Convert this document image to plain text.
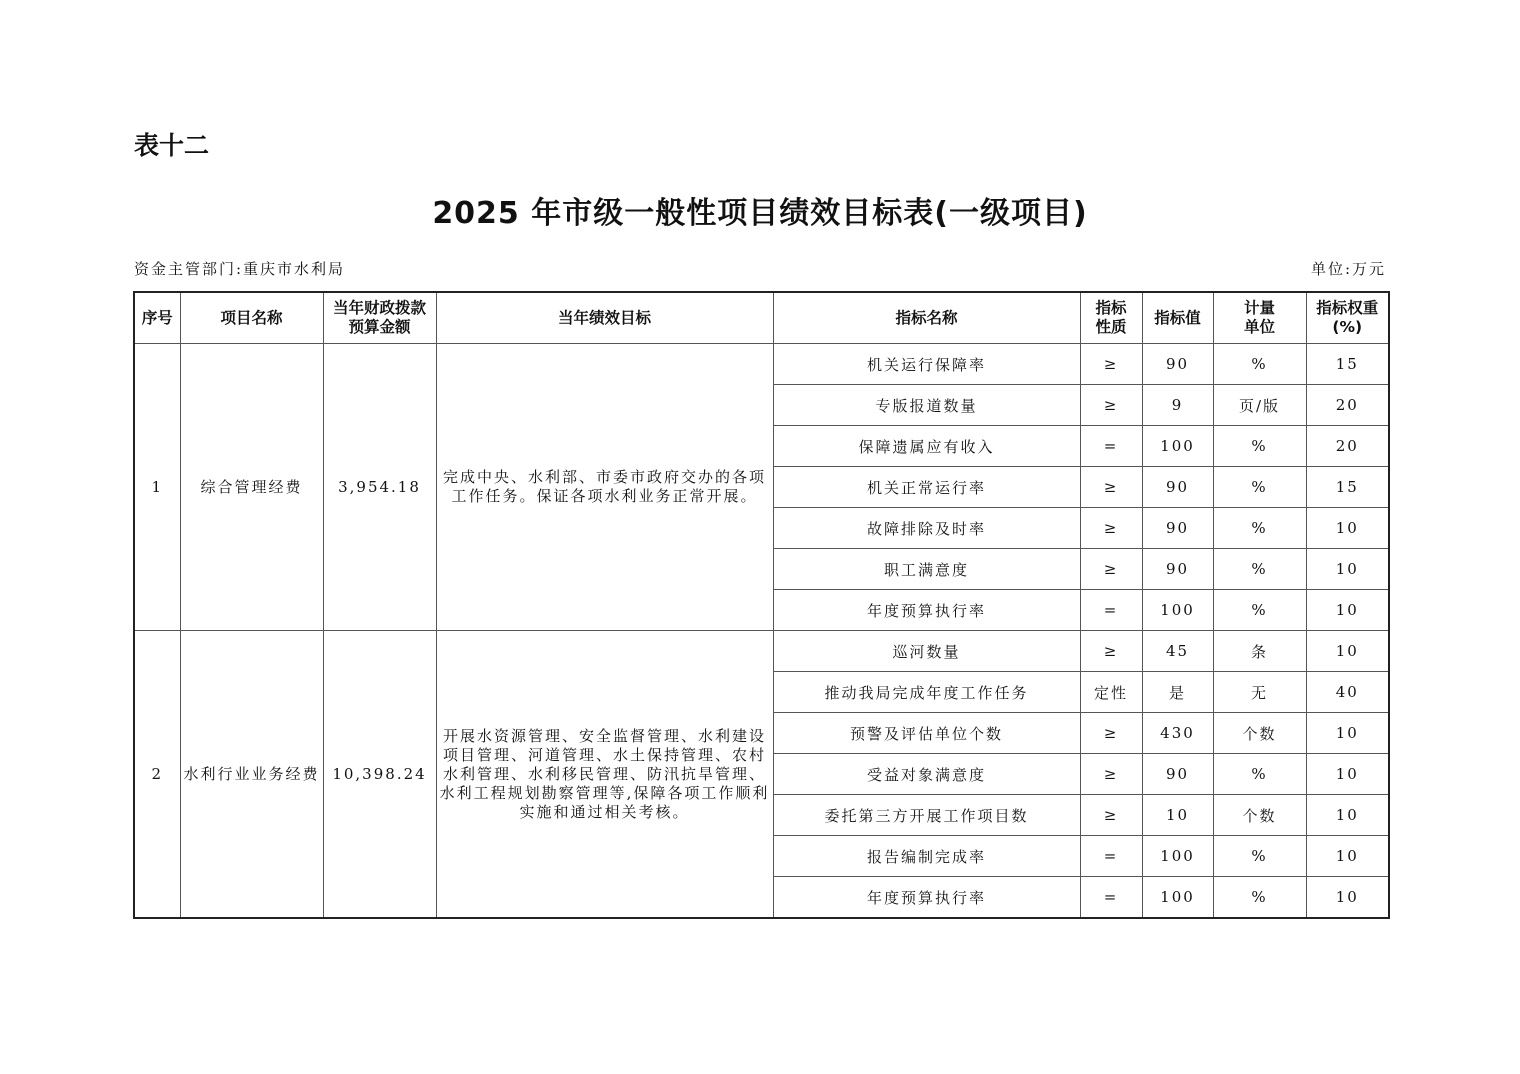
表十二
2025 年市级一般性项目绩效目标表(一级项目)
资金主管部门:重庆市水利局	单位:万元
序号	项目名称	当年财政拨款预算金额	当年绩效目标	指标名称	指标性质	指标值	计量单位	指标权重(%)
1	综合管理经费	3,954.18	完成中央、水利部、市委市政府交办的各项工作任务。保证各项水利业务正常开展。	机关运行保障率	≥	90	%	15
				专版报道数量	≥	9	页/版	20
				保障遗属应有收入	=	100	%	20
				机关正常运行率	≥	90	%	15
				故障排除及时率	≥	90	%	10
				职工满意度	≥	90	%	10
				年度预算执行率	=	100	%	10
2	水利行业业务经费	10,398.24	开展水资源管理、安全监督管理、水利建设项目管理、河道管理、水土保持管理、农村水利管理、水利移民管理、防汛抗旱管理、水利工程规划勘察管理等,保障各项工作顺利实施和通过相关考核。	巡河数量	≥	45	条	10
				推动我局完成年度工作任务	定性	是	无	40
				预警及评估单位个数	≥	430	个数	10
				受益对象满意度	≥	90	%	10
				委托第三方开展工作项目数	≥	10	个数	10
				报告编制完成率	=	100	%	10
				年度预算执行率	=	100	%	10
